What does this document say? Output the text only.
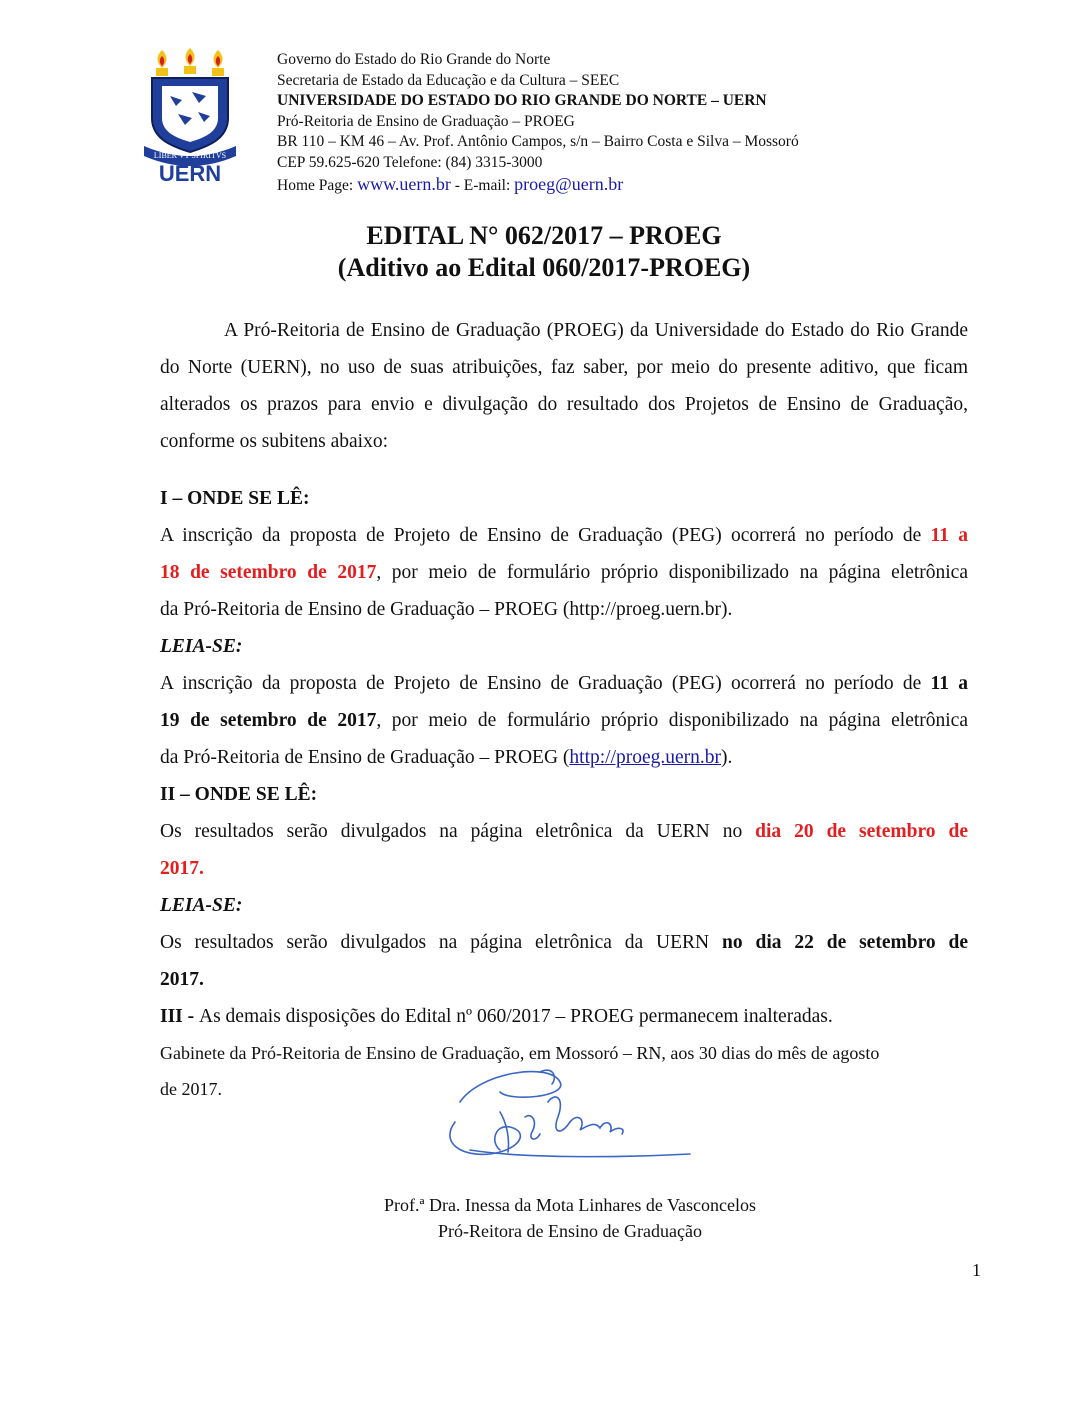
LIBER VT SPIRITVS
UERN
Governo do Estado do Rio Grande do Norte
Secretaria de Estado da Educação e da Cultura – SEEC
UNIVERSIDADE DO ESTADO DO RIO GRANDE DO NORTE – UERN
Pró-Reitoria de Ensino de Graduação – PROEG
BR 110 – KM 46 – Av. Prof. Antônio Campos, s/n – Bairro Costa e Silva – Mossoró
CEP 59.625-620 Telefone: (84) 3315-3000
Home Page: www.uern.br - E-mail: proeg@uern.br
EDITAL N° 062/2017 – PROEG
(Aditivo ao Edital 060/2017-PROEG)
A Pró-Reitoria de Ensino de Graduação (PROEG) da Universidade do Estado do Rio Grande do Norte (UERN), no uso de suas atribuições, faz saber, por meio do presente aditivo, que ficam alterados os prazos para envio e divulgação do resultado dos Projetos de Ensino de Graduação, conforme os subitens abaixo:
I – ONDE SE LÊ:
A inscrição da proposta de Projeto de Ensino de Graduação (PEG) ocorrerá no período de 11 a
18 de setembro de 2017, por meio de formulário próprio disponibilizado na página eletrônica
da Pró-Reitoria de Ensino de Graduação – PROEG (http://proeg.uern.br).
LEIA-SE:
A inscrição da proposta de Projeto de Ensino de Graduação (PEG) ocorrerá no período de 11 a
19 de setembro de 2017, por meio de formulário próprio disponibilizado na página eletrônica
da Pró-Reitoria de Ensino de Graduação – PROEG (http://proeg.uern.br).
II – ONDE SE LÊ:
Os resultados serão divulgados na página eletrônica da UERN no dia 20 de setembro de
2017.
LEIA-SE:
Os resultados serão divulgados na página eletrônica da UERN no dia 22 de setembro de
2017.
III - As demais disposições do Edital nº 060/2017 – PROEG permanecem inalteradas.
Gabinete da Pró-Reitoria de Ensino de Graduação, em Mossoró – RN, aos 30 dias do mês de agosto
de 2017.
Prof.ª Dra. Inessa da Mota Linhares de Vasconcelos
Pró-Reitora de Ensino de Graduação
1
